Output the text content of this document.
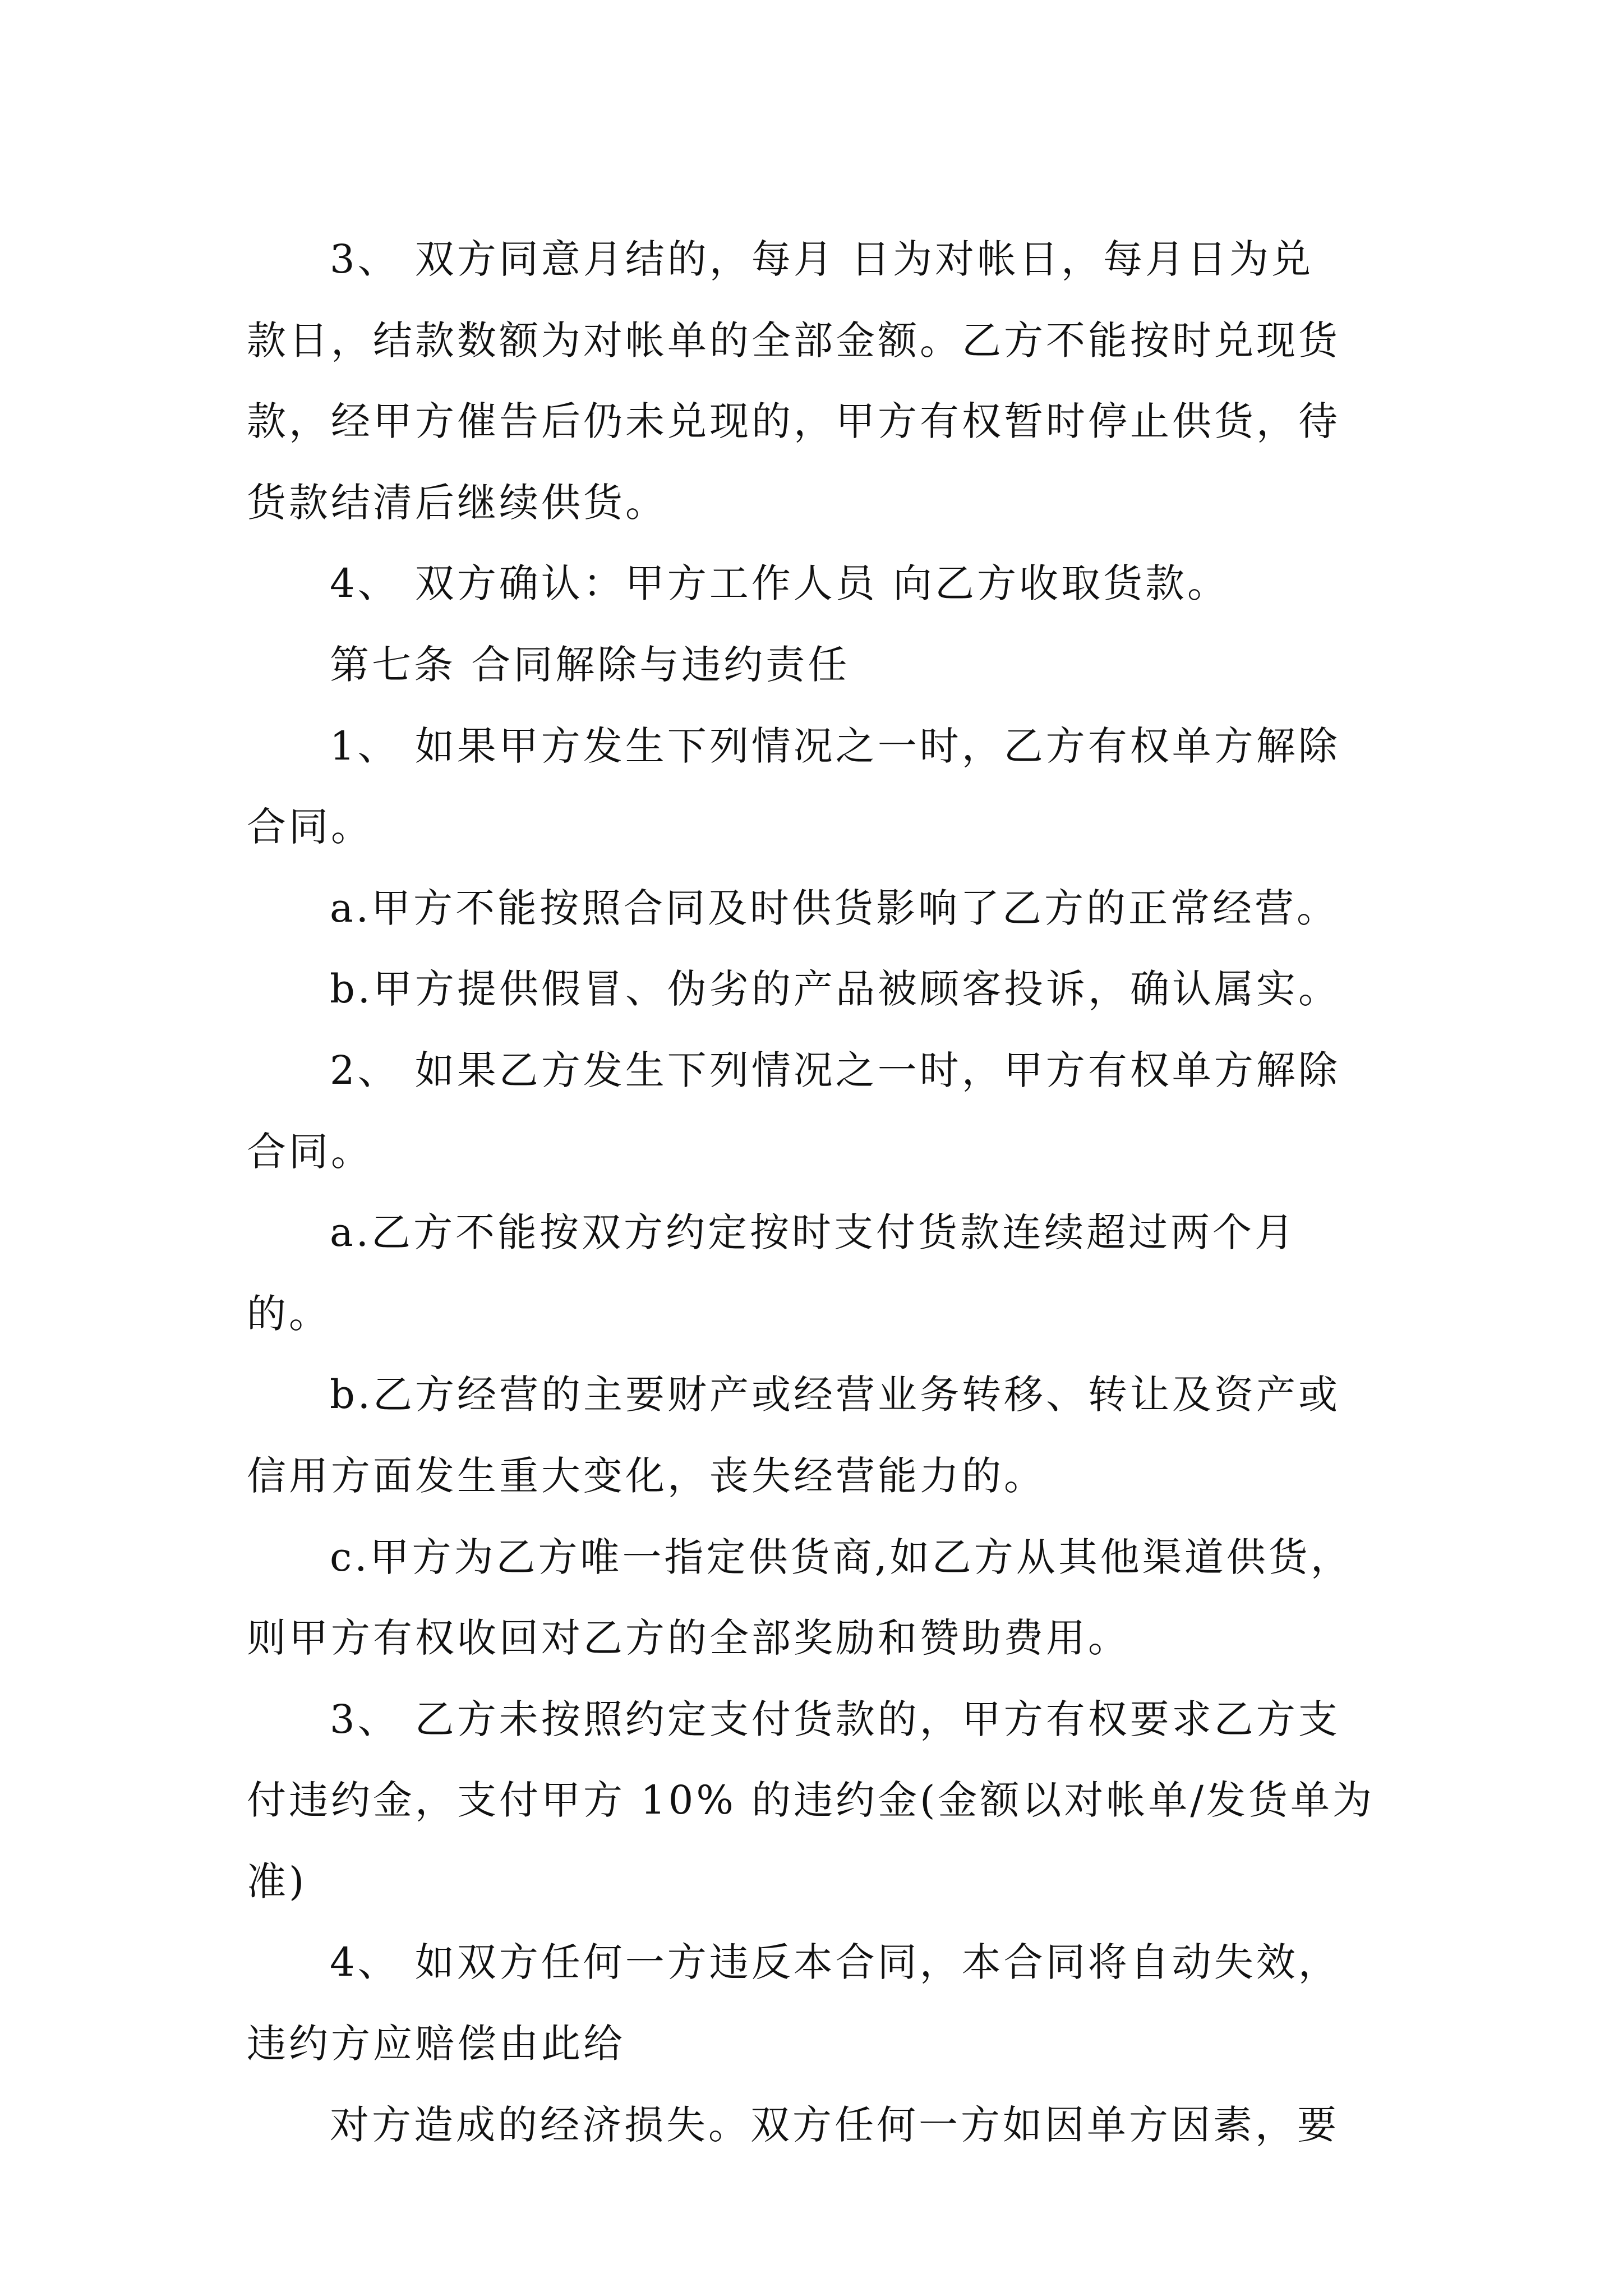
3、 双方同意月结的，每月 日为对帐日，每月日为兑

款日，结款数额为对帐单的全部金额。乙方不能按时兑现货

款，经甲方催告后仍未兑现的，甲方有权暂时停止供货，待

货款结清后继续供货。

4、 双方确认：甲方工作人员 向乙方收取货款。

第七条 合同解除与违约责任

1、 如果甲方发生下列情况之一时，乙方有权单方解除

合同。

a.甲方不能按照合同及时供货影响了乙方的正常经营。

b.甲方提供假冒、伪劣的产品被顾客投诉，确认属实。

2、 如果乙方发生下列情况之一时，甲方有权单方解除

合同。

a.乙方不能按双方约定按时支付货款连续超过两个月

的。

b.乙方经营的主要财产或经营业务转移、转让及资产或

信用方面发生重大变化，丧失经营能力的。

c.甲方为乙方唯一指定供货商,如乙方从其他渠道供货，

则甲方有权收回对乙方的全部奖励和赞助费用。

3、 乙方未按照约定支付货款的，甲方有权要求乙方支

付违约金，支付甲方 10% 的违约金(金额以对帐单/发货单为

准)

4、 如双方任何一方违反本合同，本合同将自动失效，

违约方应赔偿由此给

对方造成的经济损失。双方任何一方如因单方因素，要
